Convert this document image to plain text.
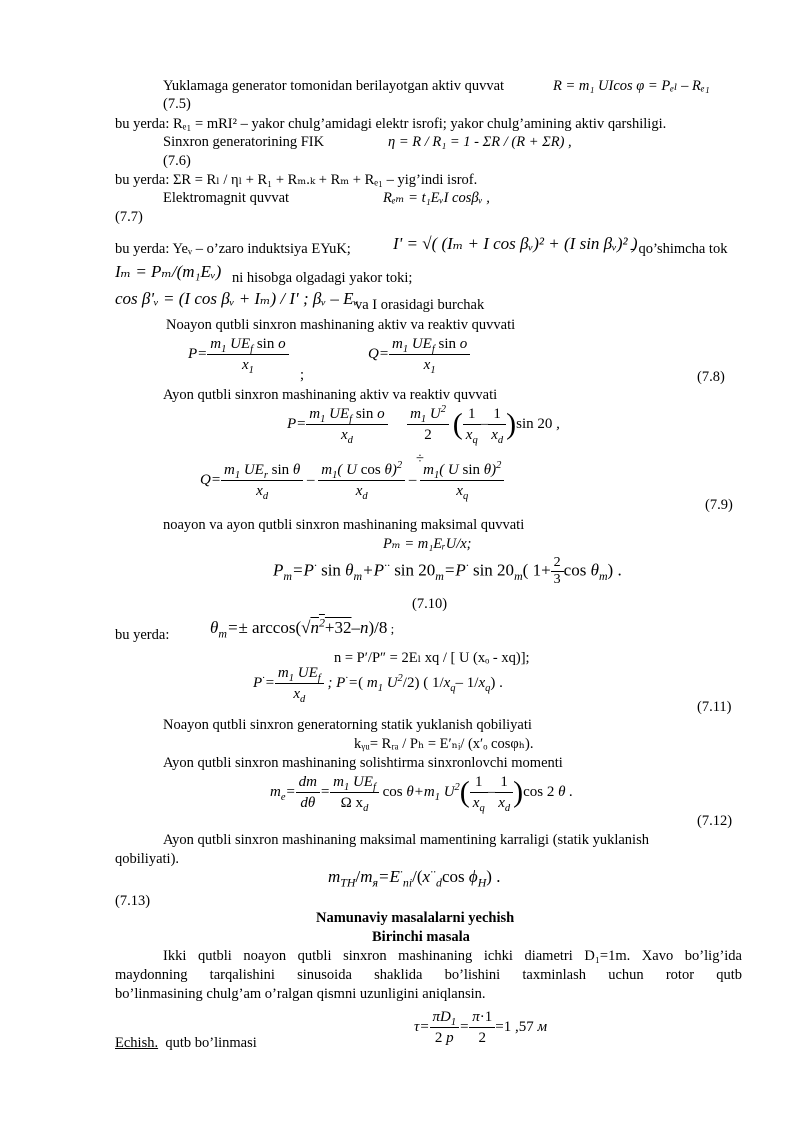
Yuklamaga generator tomonidan berilayotgan aktiv quvvat	R = m₁ UIcos φ = Pₑₗ – Rₑ₁
(7.5)
bu yerda: Rₑ₁ = mRI² – yakor chulg’amidagi elektr isrofi; yakor chulg’amining aktiv qarshiligi.
Sinxron generatorining FIK	η = R / R₁ = 1 - ΣR / (R + ΣR) ,
(7.6)
bu yerda: ΣR = Rₗ / ηₗ + R₁ + Rₘ.ₖ + Rₘ + Rₑ₁ – yig’indi isrof.
Elektromagnit quvvat	Rₑₘ = t₁EᵥI cosβᵥ ,
(7.7)
bu yerda: Yeᵥ – o’zaro induktsiya EYuK; I' = √( (Iₘ + I cos βᵥ)² + (I sin βᵥ)² )
- qo’shimcha tok
Iₘ = Pₘ/(m₁Eᵥ) ni hisobga olgadagi yakor toki;
cos β'ᵥ = (I cos βᵥ + Iₘ) / I' ; βᵥ – Eᵥ
va I orasidagi burchak
Noayon qutbli sinxron mashinaning aktiv va reaktiv quvvati
$P= \frac{m_1 UE_f \sin o}{x_1}$
;
$Q= \frac{m_1 UE_f \sin o}{x_1}$
(7.8)
Ayon qutbli sinxron mashinaning aktiv va reaktiv quvvati
$P= \frac{m_1 UE_f \sin o}{x_d}$
$\frac{m_1 U^2}{2}$ ( $\frac{1}{x_q} - \frac{1}{x_d} )\sin$ 20 ,
÷
$Q= \frac{m_1 UE_r \sin \theta}{x_d} - \frac{m_1( U \cos \theta)^2}{x_d} - \frac{m_1( U \sin \theta)^2}{x_q}$
(7.9)
noayon va ayon qutbli sinxron mashinaning maksimal quvvati
Pₘ = m₁EᵣU/x;
$P_m=P^\cdot$ $\sin \theta_m+P^{\cdot\cdot}$ $\sin 20_m=P^\cdot$ $\sin 20_m$( $1+ \frac{2}{3}$ $\cos \theta_m$) .
(7.10)
bu yerda: $\theta_m=\pm \arccos(√n^2+32-n)/8$ ;
n = P′/P″ = 2Eₗ xq / [ U (xₒ - xq)];
$P^\cdot= \frac{m_1 UE_f}{x_d}$ ; P·=( $m_1$ $U^2/2$) ( $1/x_q-$ $1/x_q$) .
(7.11)
Noayon qutbli sinxron generatorning statik yuklanish qobiliyati
kᵧᵤ= Rᵣₐ / Pₕ = E′ₙᵢ/ (x′ₒ cosφₕ).
Ayon qutbli sinxron mashinaning solishtirma sinxronlovchi momenti
$m_e= \frac{dm}{d\theta} = \frac{m_1 UE_f}{\Omega x_d}$ $\cos \theta+m_1$ $U^2( \frac{1}{x_q} - \frac{1}{x_d} )\cos$ 2 θ .
(7.12)
Ayon qutbli sinxron mashinaning maksimal mamentining karraligi (statik yuklanish
qobiliyati).
$m_{TH}/m_я=E^\cdot_{ni}/(x^{\cdot\cdot}_d\cos$ $\phi_H$) .
(7.13)
Namunaviy masalalarni yechish
Birinchi masala
Ikki qutbli noayon qutbli sinxron mashinaning ichki diametri D₁=1m. Xavo bo’lig’ida
maydonning tarqalishini sinusoida shaklida bo’lishini taxminlash uchun rotor qutb
bo’linmasining chulg’am o’ralgan qismni uzunligini aniqlansin.
$\tau= \frac{\pi D_1}{2 p} = \frac{\pi\cdot 1}{2} =1$ ,57 м
Echish. qutb bo’linmasi
